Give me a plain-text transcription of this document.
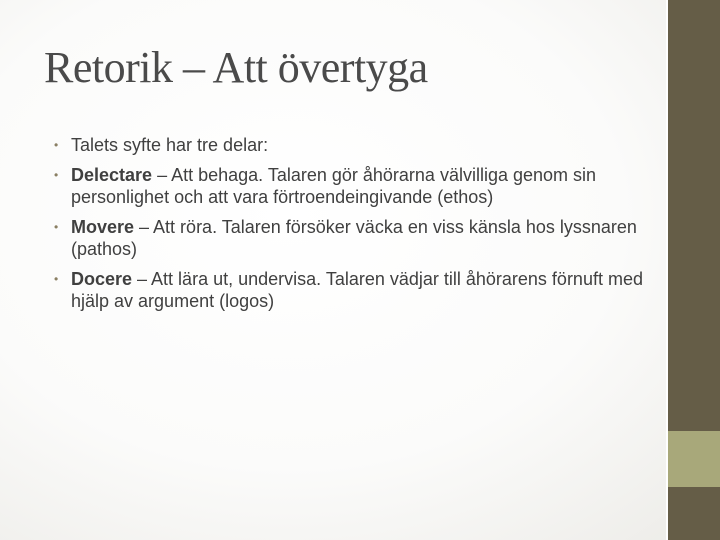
Retorik – Att övertyga
• Talets syfte har tre delar:
• Delectare – Att behaga. Talaren gör åhörarna välvilliga genom sin personlighet och att vara förtroendeingivande (ethos)
• Movere – Att röra. Talaren försöker väcka en viss känsla hos lyssnaren (pathos)
• Docere – Att lära ut, undervisa. Talaren vädjar till åhörarens förnuft med hjälp av argument (logos)
